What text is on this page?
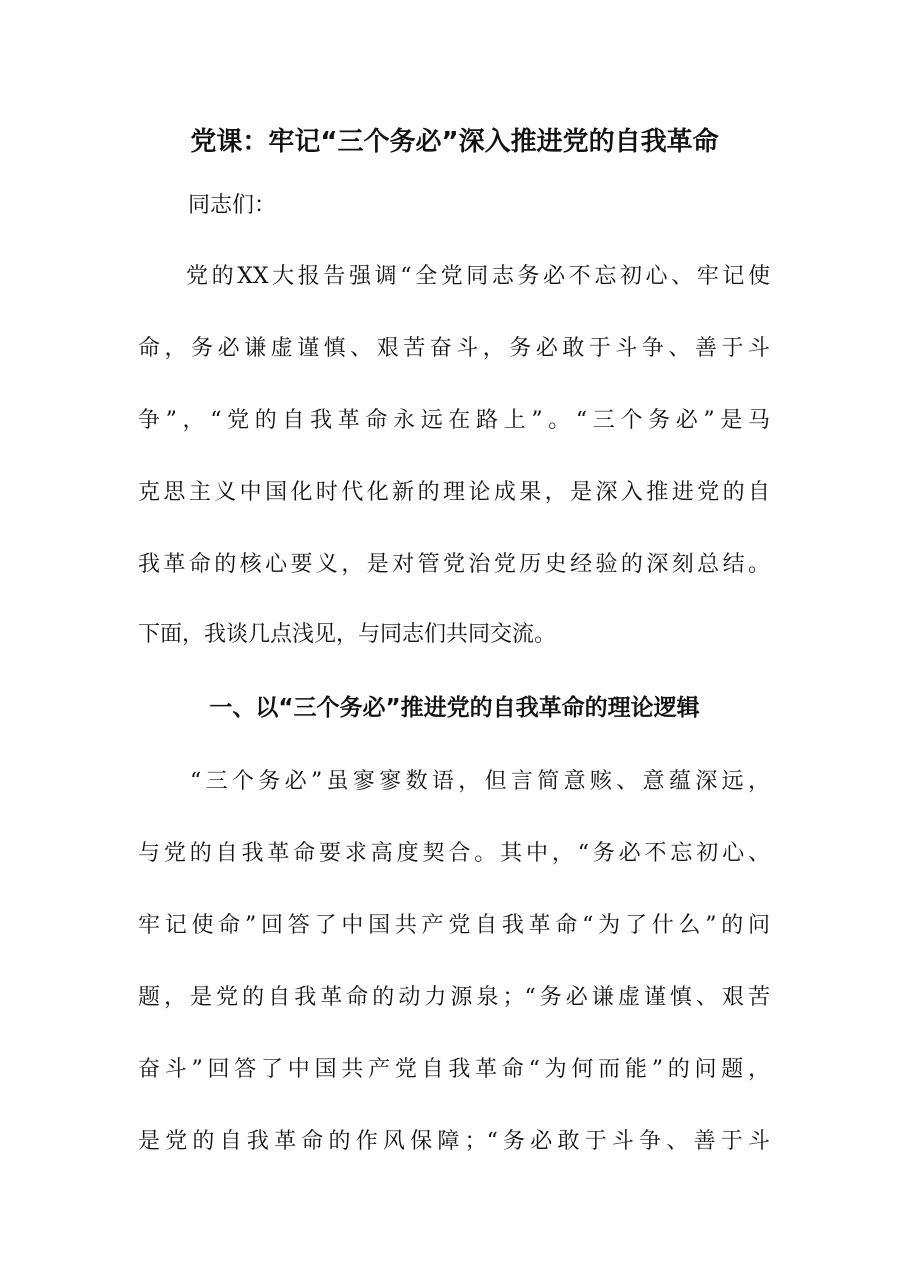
党课：牢记“三个务必”深入推进党的自我革命
同志们：
党的XX大报告强调“全党同志务必不忘初心、牢记使
命，务必谦虚谨慎、艰苦奋斗，务必敢于斗争、善于斗
争”，“党的自我革命永远在路上”。“三个务必”是马
克思主义中国化时代化新的理论成果，是深入推进党的自
我革命的核心要义，是对管党治党历史经验的深刻总结。
下面，我谈几点浅见，与同志们共同交流。
一、以“三个务必”推进党的自我革命的理论逻辑
“三个务必”虽寥寥数语，但言简意赅、意蕴深远，
与党的自我革命要求高度契合。其中，“务必不忘初心、
牢记使命”回答了中国共产党自我革命“为了什么”的问
题，是党的自我革命的动力源泉；“务必谦虚谨慎、艰苦
奋斗”回答了中国共产党自我革命“为何而能”的问题，
是党的自我革命的作风保障；“务必敢于斗争、善于斗
